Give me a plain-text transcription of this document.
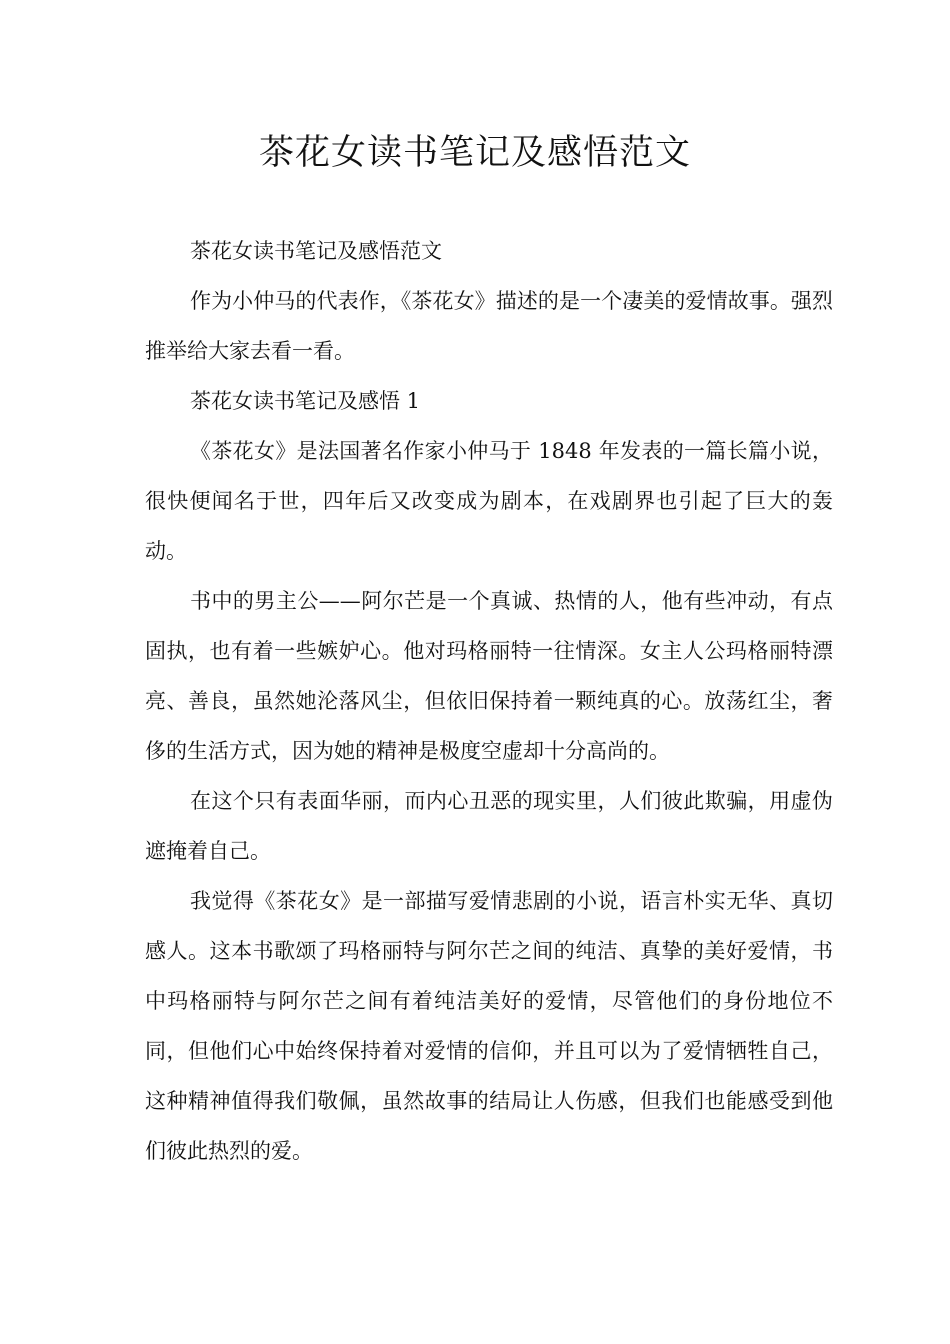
茶花女读书笔记及感悟范文

茶花女读书笔记及感悟范文

作为小仲马的代表作，《茶花女》描述的是一个凄美的爱情故事。强烈推举给大家去看一看。

茶花女读书笔记及感悟 1

《茶花女》是法国著名作家小仲马于 1848 年发表的一篇长篇小说，很快便闻名于世，四年后又改变成为剧本，在戏剧界也引起了巨大的轰动。

书中的男主公——阿尔芒是一个真诚、热情的人，他有些冲动，有点固执，也有着一些嫉妒心。他对玛格丽特一往情深。女主人公玛格丽特漂亮、善良，虽然她沦落风尘，但依旧保持着一颗纯真的心。放荡红尘，奢侈的生活方式，因为她的精神是极度空虚却十分高尚的。

在这个只有表面华丽，而内心丑恶的现实里，人们彼此欺骗，用虚伪遮掩着自己。

我觉得《茶花女》是一部描写爱情悲剧的小说，语言朴实无华、真切感人。这本书歌颂了玛格丽特与阿尔芒之间的纯洁、真挚的美好爱情，书中玛格丽特与阿尔芒之间有着纯洁美好的爱情，尽管他们的身份地位不同，但他们心中始终保持着对爱情的信仰，并且可以为了爱情牺牲自己，这种精神值得我们敬佩，虽然故事的结局让人伤感，但我们也能感受到他们彼此热烈的爱。
